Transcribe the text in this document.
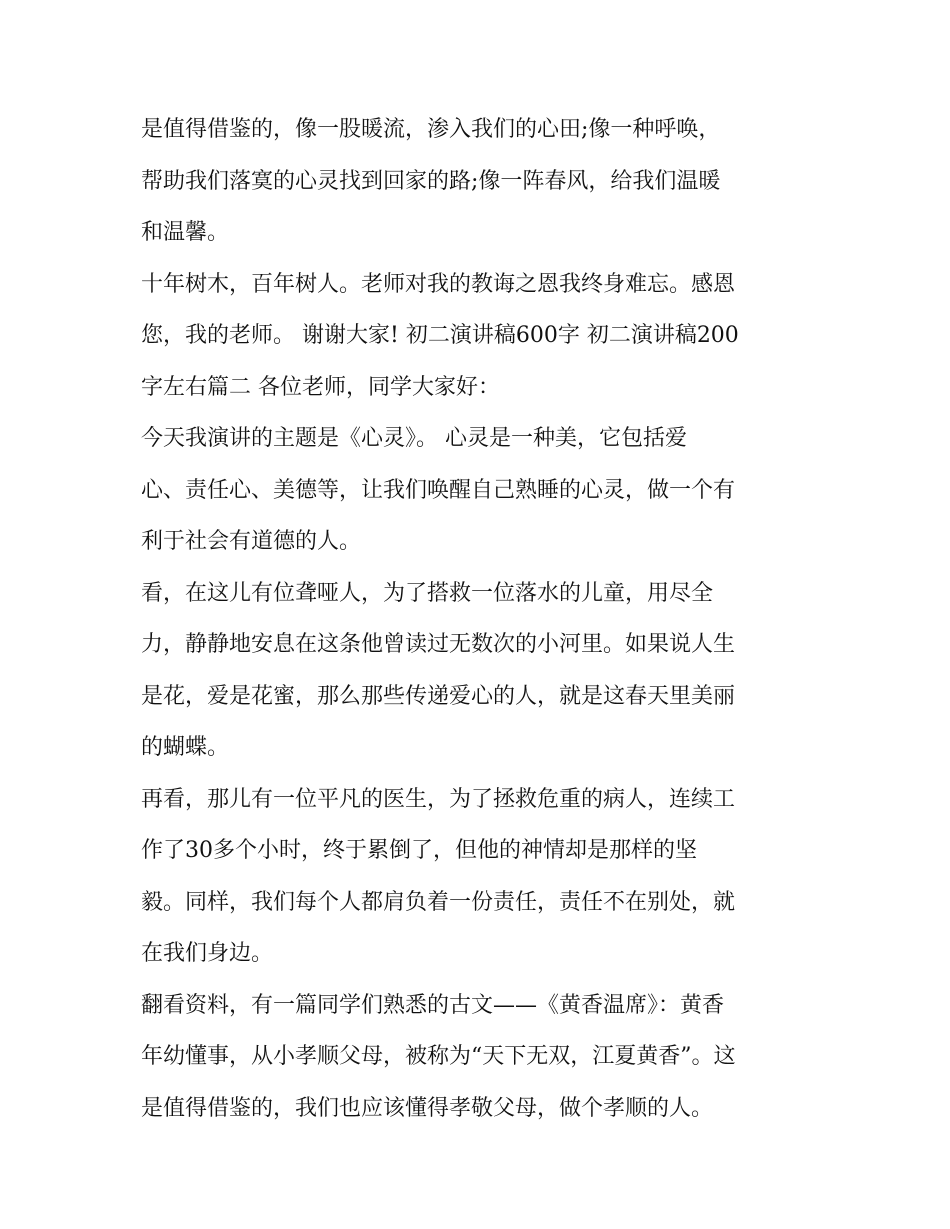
是值得借鉴的，像一股暖流，渗入我们的心田;像一种呼唤，
帮助我们落寞的心灵找到回家的路;像一阵春风，给我们温暖
和温馨。
十年树木，百年树人。老师对我的教诲之恩我终身难忘。感恩
您，我的老师。 谢谢大家! 初二演讲稿600字 初二演讲稿200
字左右篇二 各位老师，同学大家好：
今天我演讲的主题是《心灵》。 心灵是一种美，它包括爱
心、责任心、美德等，让我们唤醒自己熟睡的心灵，做一个有
利于社会有道德的人。
看，在这儿有位聋哑人，为了搭救一位落水的儿童，用尽全
力，静静地安息在这条他曾读过无数次的小河里。如果说人生
是花，爱是花蜜，那么那些传递爱心的人，就是这春天里美丽
的蝴蝶。
再看，那儿有一位平凡的医生，为了拯救危重的病人，连续工
作了30多个小时，终于累倒了，但他的神情却是那样的坚
毅。同样，我们每个人都肩负着一份责任，责任不在别处，就
在我们身边。
翻看资料，有一篇同学们熟悉的古文——《黄香温席》：黄香
年幼懂事，从小孝顺父母，被称为“天下无双，江夏黄香”。这
是值得借鉴的，我们也应该懂得孝敬父母，做个孝顺的人。
